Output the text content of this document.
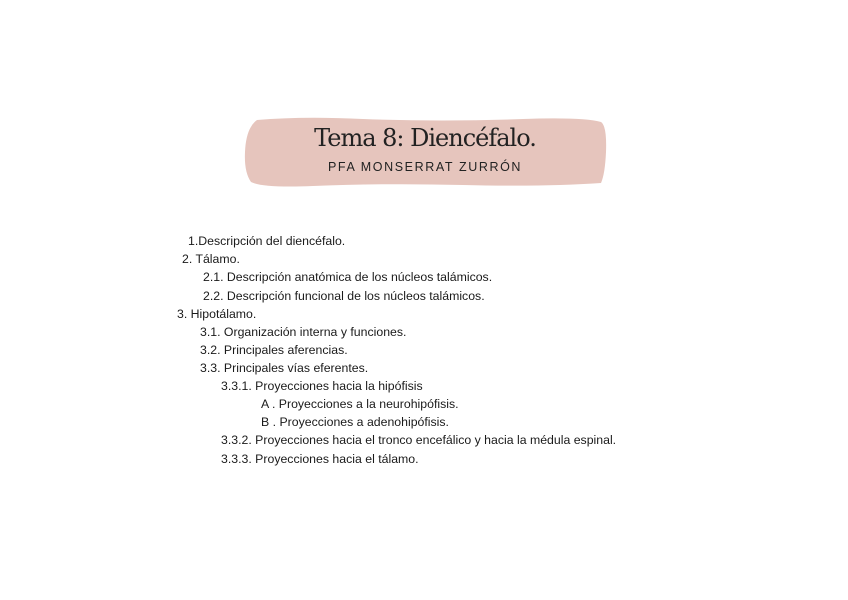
Tema 8: Diencéfalo.
PFA MONSERRAT ZURRÓN
1.Descripción del diencéfalo.
2. Tálamo.
2.1. Descripción anatómica de los núcleos talámicos.
2.2. Descripción funcional de los núcleos talámicos.
3. Hipotálamo.
3.1. Organización interna y funciones.
3.2. Principales aferencias.
3.3. Principales vías eferentes.
3.3.1. Proyecciones hacia la hipófisis
A . Proyecciones a la neurohipófisis.
B . Proyecciones a adenohipófisis.
3.3.2. Proyecciones hacia el tronco encefálico y hacia la médula espinal.
3.3.3. Proyecciones hacia el tálamo.
